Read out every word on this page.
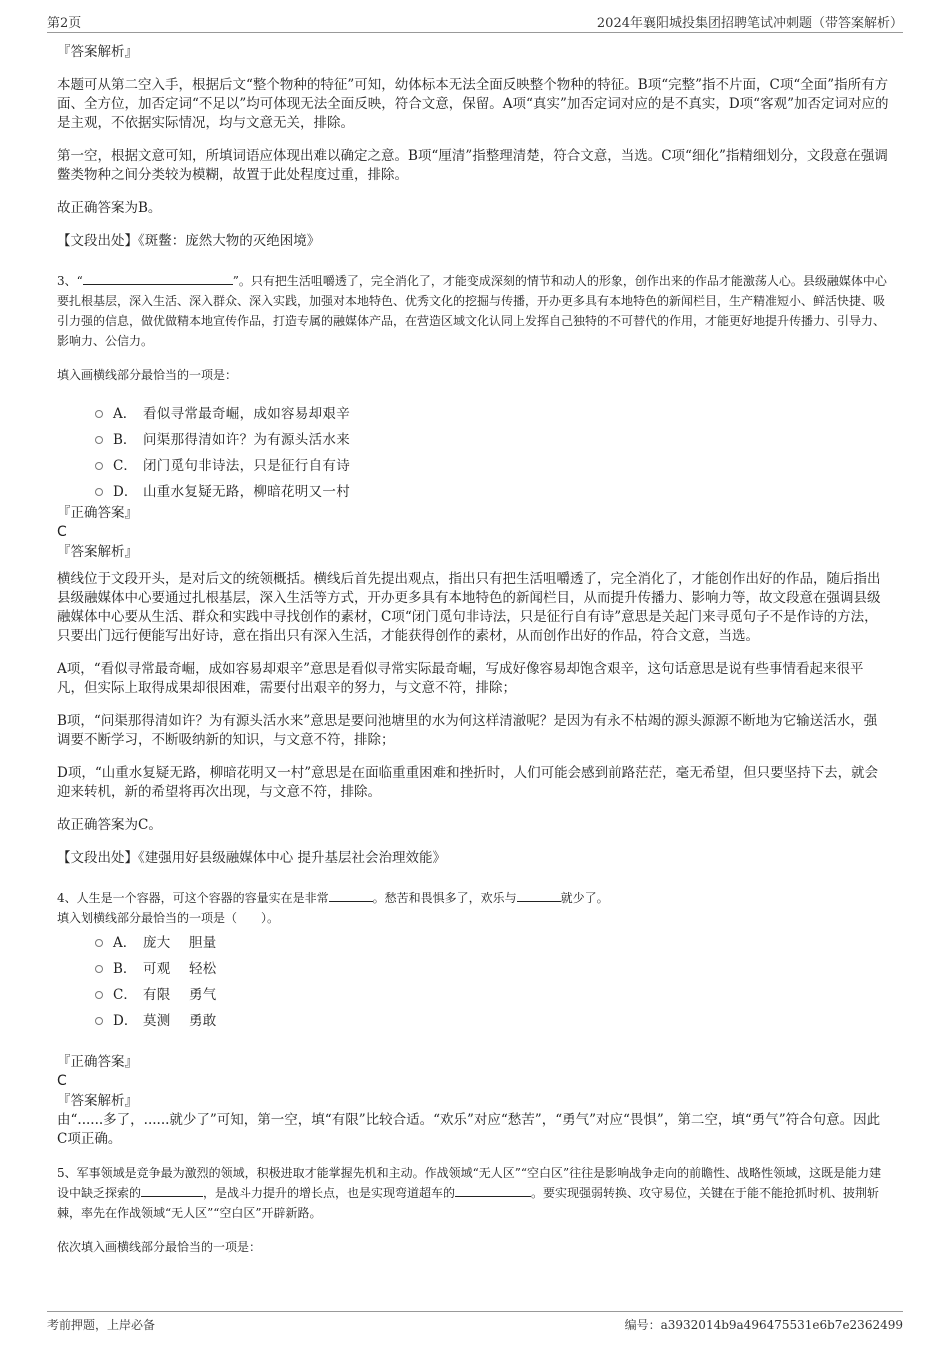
第2页	2024年襄阳城投集团招聘笔试冲刺题（带答案解析）
『答案解析』

本题可从第二空入手，根据后文“整个物种的特征”可知，幼体标本无法全面反映整个物种的特征。B项“完整”指不片面，C项“全面”指所有方面、全方位，加否定词“不足以”均可体现无法全面反映，符合文意，保留。A项“真实”加否定词对应的是不真实，D项“客观”加否定词对应的是主观，不依据实际情况，均与文意无关，排除。

第一空，根据文意可知，所填词语应体现出难以确定之意。B项“厘清”指整理清楚，符合文意，当选。C项“细化”指精细划分，文段意在强调鳖类物种之间分类较为模糊，故置于此处程度过重，排除。

故正确答案为B。

【文段出处】《斑鳖：庞然大物的灭绝困境》

3、“	”。只有把生活咀嚼透了，完全消化了，才能变成深刻的情节和动人的形象，创作出来的作品才能激荡人心。县级融媒体中心要扎根基层，深入生活、深入群众、深入实践，加强对本地特色、优秀文化的挖掘与传播，开办更多具有本地特色的新闻栏目，生产精准短小、鲜活快捷、吸引力强的信息，做优做精本地宣传作品，打造专属的融媒体产品，在营造区域文化认同上发挥自己独特的不可替代的作用，才能更好地提升传播力、引导力、影响力、公信力。

填入画横线部分最恰当的一项是：

A． 看似寻常最奇崛，成如容易却艰辛
B． 问渠那得清如许？为有源头活水来
C． 闭门觅句非诗法，只是征行自有诗
D． 山重水复疑无路，柳暗花明又一村
『正确答案』
C
『答案解析』

横线位于文段开头，是对后文的统领概括。横线后首先提出观点，指出只有把生活咀嚼透了，完全消化了，才能创作出好的作品，随后指出县级融媒体中心要通过扎根基层，深入生活等方式，开办更多具有本地特色的新闻栏目，从而提升传播力、影响力等，故文段意在强调县级融媒体中心要从生活、群众和实践中寻找创作的素材，C项“闭门觅句非诗法，只是征行自有诗”意思是关起门来寻觅句子不是作诗的方法，只要出门远行便能写出好诗，意在指出只有深入生活，才能获得创作的素材，从而创作出好的作品，符合文意，当选。

A项，“看似寻常最奇崛，成如容易却艰辛”意思是看似寻常实际最奇崛，写成好像容易却饱含艰辛，这句话意思是说有些事情看起来很平凡，但实际上取得成果却很困难，需要付出艰辛的努力，与文意不符，排除；

B项，“问渠那得清如许？为有源头活水来”意思是要问池塘里的水为何这样清澈呢？是因为有永不枯竭的源头源源不断地为它输送活水，强调要不断学习，不断吸纳新的知识，与文意不符，排除；

D项，“山重水复疑无路，柳暗花明又一村”意思是在面临重重困难和挫折时，人们可能会感到前路茫茫，毫无希望，但只要坚持下去，就会迎来转机，新的希望将再次出现，与文意不符，排除。

故正确答案为C。

【文段出处】《建强用好县级融媒体中心 提升基层社会治理效能》

4、人生是一个容器，可这个容器的容量实在是非常	。愁苦和畏惧多了，欢乐与	就少了。

填入划横线部分最恰当的一项是（　　）。

A． 庞大　 胆量
B． 可观　 轻松
C． 有限　 勇气
D． 莫测　 勇敢
『正确答案』
C
『答案解析』

由“......多了，......就少了”可知，第一空，填“有限”比较合适。“欢乐”对应“愁苦”，“勇气”对应“畏惧”，第二空，填“勇气”符合句意。因此C项正确。

5、军事领域是竞争最为激烈的领域，积极进取才能掌握先机和主动。作战领域“无人区”“空白区”往往是影响战争走向的前瞻性、战略性领域，这既是能力建设中缺乏探索的	，是战斗力提升的增长点，也是实现弯道超车的	。要实现强弱转换、攻守易位，关键在于能不能抢抓时机、披荆斩棘，率先在作战领域“无人区”“空白区”开辟新路。

依次填入画横线部分最恰当的一项是：

考前押题，上岸必备	编号：a3932014b9a496475531e6b7e2362499
